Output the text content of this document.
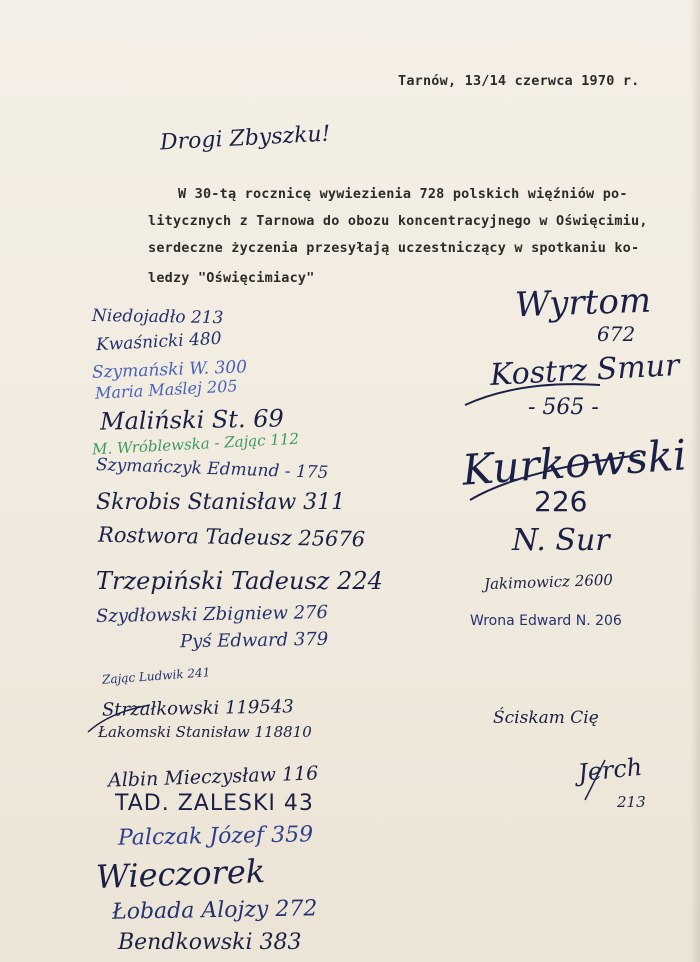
Tarnów, 13/14 czerwca 1970 r.
Drogi Zbyszku!
W 30-tą rocznicę wywiezienia 728 polskich więźniów po-
litycznych z Tarnowa do obozu koncentracyjnego w Oświęcimiu,
serdeczne życzenia przesyłają uczestniczący w spotkaniu ko-
ledzy "Oświęcimiacy"
Niedojadło 213
Kwaśnicki 480
Szymański W. 300
Maria Maślej 205
Maliński St. 69
M. Wróblewska - Zając 112
Szymańczyk Edmund - 175
Skrobis Stanisław 311
Rostwora Tadeusz 25676
Trzepiński Tadeusz 224
Szydłowski Zbigniew 276
Pyś Edward 379
Zając Ludwik 241
Strzałkowski 119543
Łakomski Stanisław 118810
Albin Mieczysław 116
TAD. ZALESKI 43
Palczak Józef 359
Wieczorek
Łobada Alojzy 272
Bendkowski 383
Wyrtom
672
Kostrz Smur
- 565 -
Kurkowski
226
N. Sur
Jakimowicz 2600
Wrona Edward N. 206
Ściskam Cię
Jerch
213
